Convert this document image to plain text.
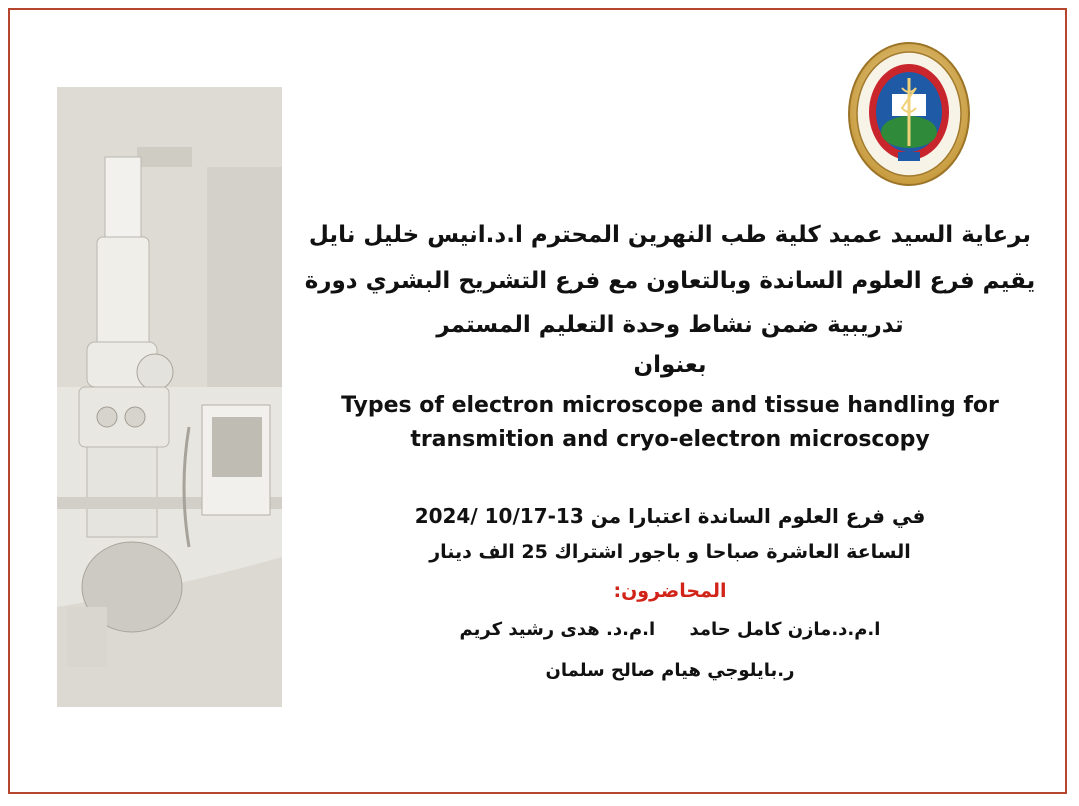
برعاية السيد عميد كلية طب النهرين المحترم ا.د.انيس خليل نايل
يقيم فرع العلوم الساندة وبالتعاون مع فرع التشريح البشري دورة
تدريبية ضمن نشاط وحدة التعليم المستمر
بعنوان
Types of electron microscope and tissue handling for
transmition and cryo-electron microscopy
في فرع العلوم الساندة اعتبارا من 13-10/17 /2024
الساعة العاشرة صباحا و باجور اشتراك 25 الف دينار
المحاضرون:
ا.م.د.مازن كامل حامد ا.م.د. هدى رشيد كريم
ر.بايلوجي هيام صالح سلمان
